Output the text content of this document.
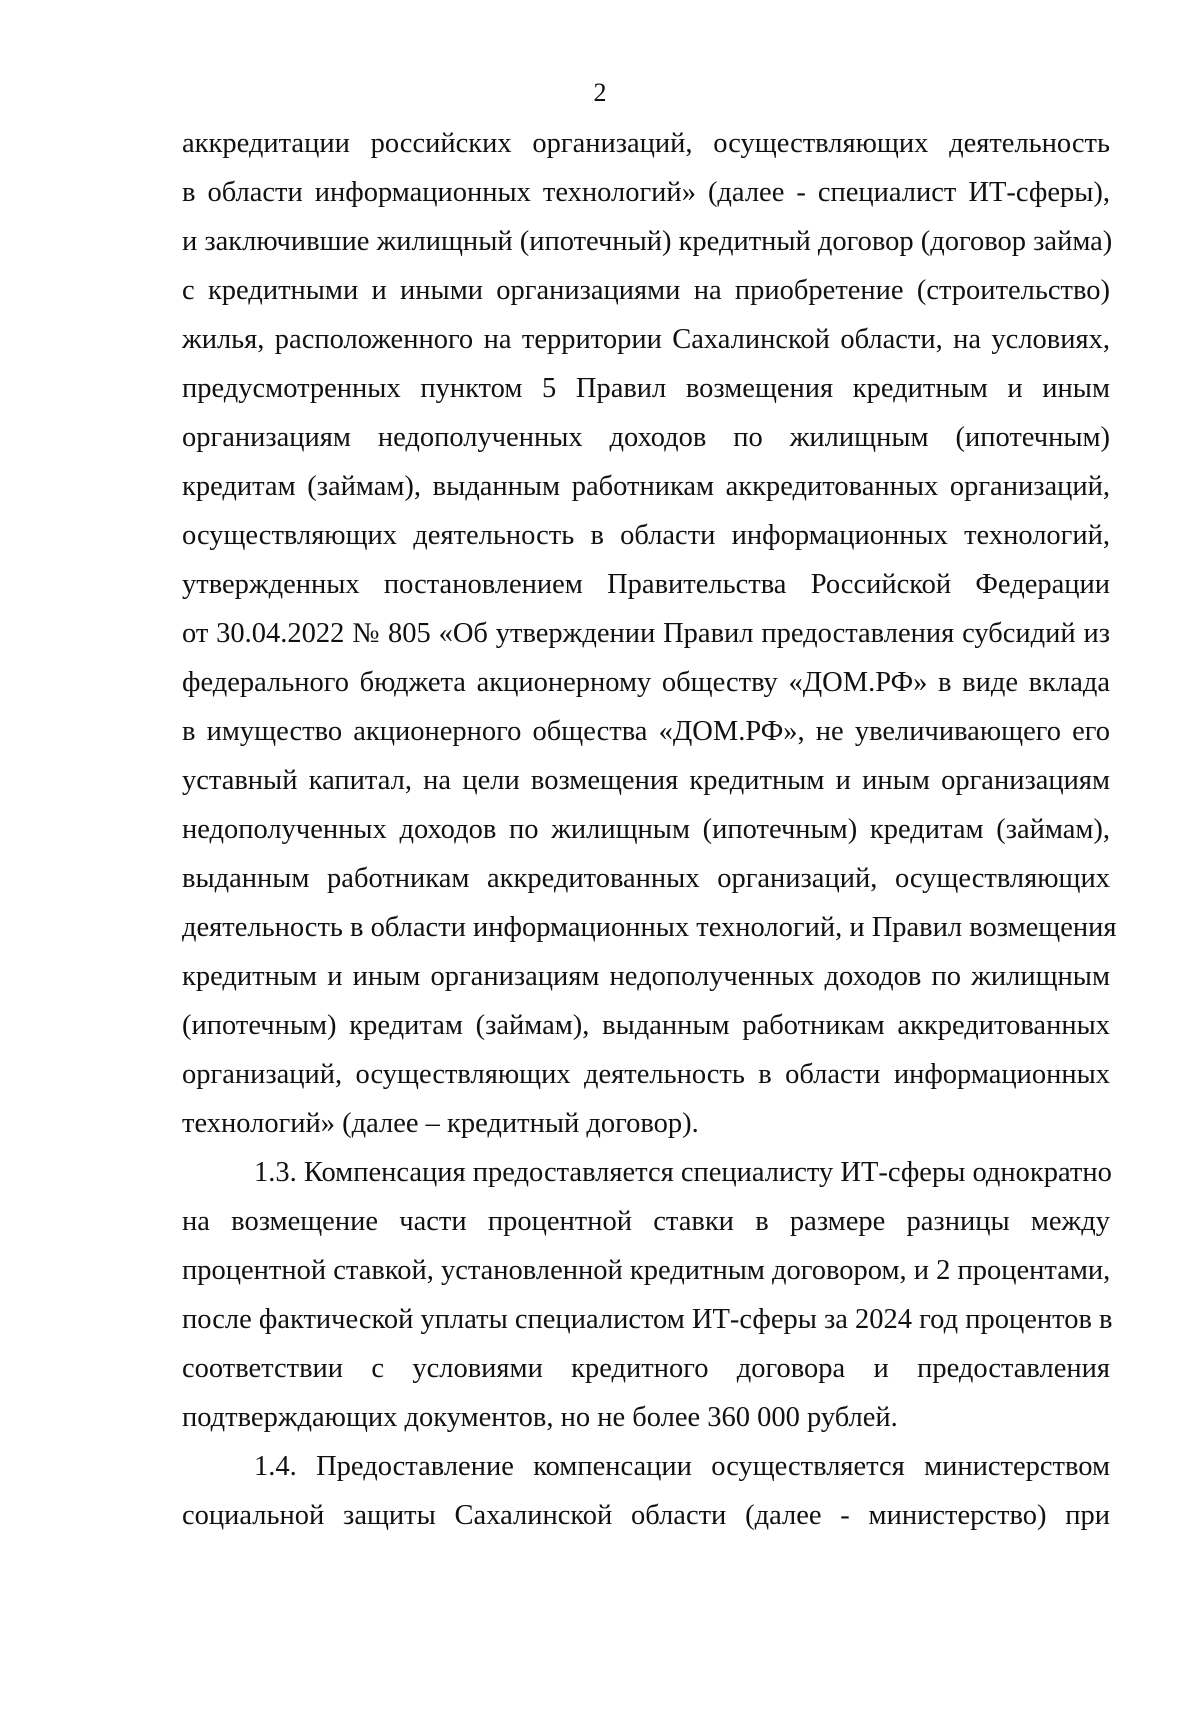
2
аккредитации российских организаций, осуществляющих деятельность
в области информационных технологий» (далее - специалист ИТ-сферы),
и заключившие жилищный (ипотечный) кредитный договор (договор займа)
с кредитными и иными организациями на приобретение (строительство)
жилья, расположенного на территории Сахалинской области, на условиях,
предусмотренных пунктом 5 Правил возмещения кредитным и иным
организациям недополученных доходов по жилищным (ипотечным)
кредитам (займам), выданным работникам аккредитованных организаций,
осуществляющих деятельность в области информационных технологий,
утвержденных постановлением Правительства Российской Федерации
от 30.04.2022 № 805 «Об утверждении Правил предоставления субсидий из
федерального бюджета акционерному обществу «ДОМ.РФ» в виде вклада
в имущество акционерного общества «ДОМ.РФ», не увеличивающего его
уставный капитал, на цели возмещения кредитным и иным организациям
недополученных доходов по жилищным (ипотечным) кредитам (займам),
выданным работникам аккредитованных организаций, осуществляющих
деятельность в области информационных технологий, и Правил возмещения
кредитным и иным организациям недополученных доходов по жилищным
(ипотечным) кредитам (займам), выданным работникам аккредитованных
организаций, осуществляющих деятельность в области информационных
технологий» (далее – кредитный договор).
1.3. Компенсация предоставляется специалисту ИТ-сферы однократно
на возмещение части процентной ставки в размере разницы между
процентной ставкой, установленной кредитным договором, и 2 процентами,
после фактической уплаты специалистом ИТ-сферы за 2024 год процентов в
соответствии с условиями кредитного договора и предоставления
подтверждающих документов, но не более 360 000 рублей.
1.4. Предоставление компенсации осуществляется министерством
социальной защиты Сахалинской области (далее - министерство) при
